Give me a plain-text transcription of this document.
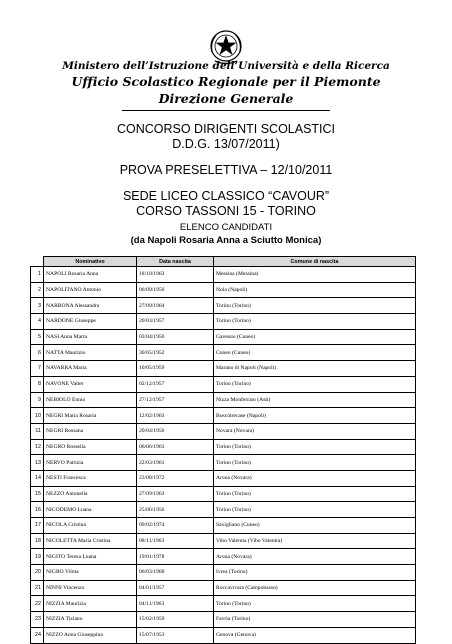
Ministero dell’Istruzione dell’Università e della Ricerca
Ufficio Scolastico Regionale per il Piemonte
Direzione Generale
CONCORSO DIRIGENTI SCOLASTICI
D.D.G. 13/07/2011)
PROVA PRESELETTIVA – 12/10/2011
SEDE LICEO CLASSICO “CAVOUR”
CORSO TASSONI 15 - TORINO
ELENCO CANDIDATI
(da Napoli Rosaria Anna a Sciutto Monica)
	Nominativo	Data nascita	Comune di nascita
1	NAPOLI Rosaria Anna	18/10/1963	Messina (Messina)
2	NAPOLITANO Antonio	06/09/1956	Nola (Napoli)
3	NARBONA Alessandra	27/09/1964	Torino (Torino)
4	NARDONE Giuseppe	20/03/1957	Torino (Torino)
5	NASI Anna Marta	03/04/1956	Garessio (Cuneo)
6	NATTA Maurizio	30/05/1952	Cuneo (Cuneo)
7	NAVARRA Maria	10/05/1959	Marano di Napoli (Napoli)
8	NAVONE Valter	02/12/1957	Torino (Torino)
9	NEBIOLO Ennio	27/12/1957	Nizza Monferrato (Asti)
10	NEGRI Maria Rosaria	12/02/1963	Boscotrecase (Napoli)
11	NEGRI Rossana	20/04/1956	Novara (Novara)
12	NEGRO Rossella	06/06/1963	Torino (Torino)
13	NERVO Patrizia	22/03/1961	Torino (Torino)
14	NESTI Francesca	23/08/1972	Arona (Novara)
15	NEZZO Antonella	27/09/1963	Torino (Torino)
16	NICODEMO Luana	25/06/1956	Torino (Torino)
17	NICOLA Cristina	09/02/1974	Savigliano (Cuneo)
18	NICOLETTA Maria Cristina	08/11/1963	Vibo Valentia (Vibo Valentia)
19	NIGITO Teresa Luana	19/01/1978	Arona (Novara)
20	NIGRO Vilma	06/03/1960	Ivrea (Torino)
21	NINNI Vincenzo	04/01/1957	Roccavivara (Campobasso)
22	NIZZIA Maurizia	04/11/1963	Torino (Torino)
23	NIZZIA Tiziano	15/02/1959	Favria (Torino)
24	NIZZO Anna Giuseppina	15/07/1953	Genova (Genova)
